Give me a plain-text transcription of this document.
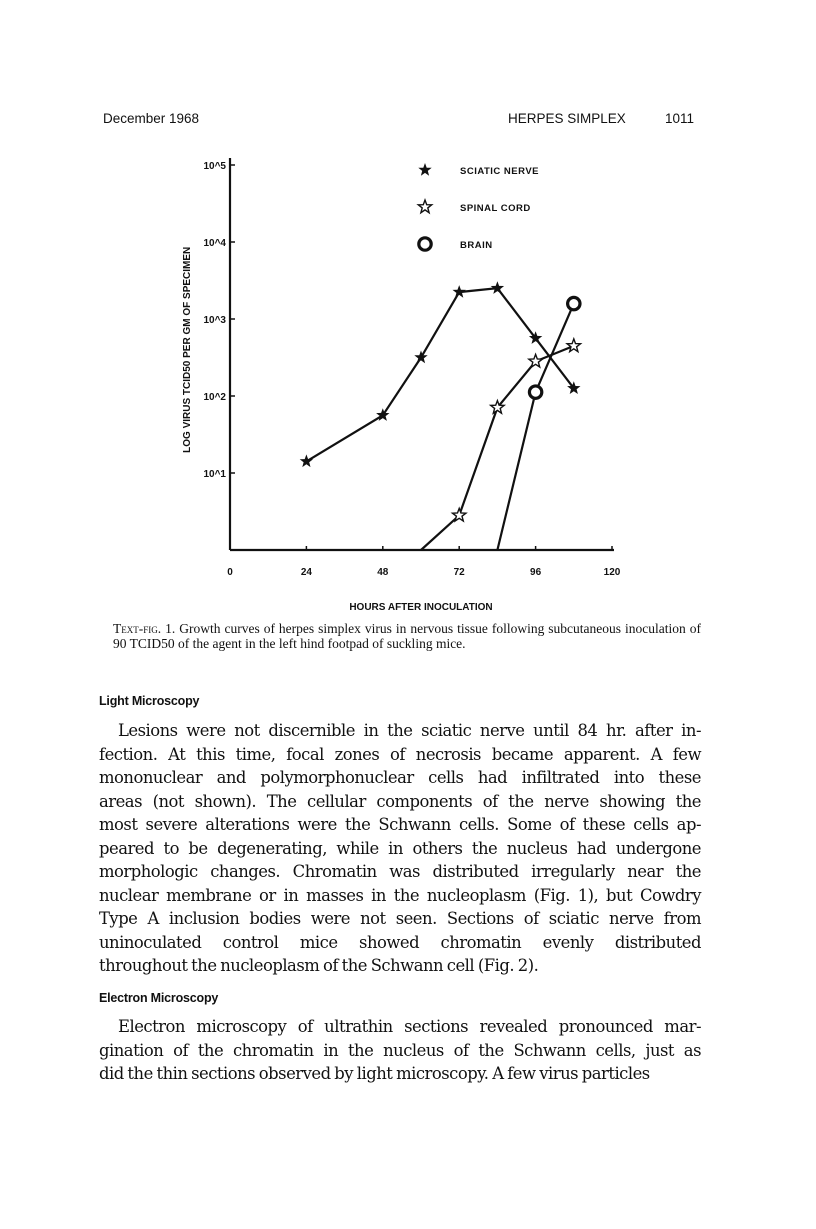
December 1968	HERPES SIMPLEX	1011
0	24	48	72	96	120
10^1
10^2
10^3
10^4
10^5
HOURS AFTER INOCULATION
LOG VIRUS TCID50 PER GM OF SPECIMEN
SCIATIC NERVE
SPINAL CORD
BRAIN
Text-fig. 1. Growth curves of herpes simplex virus in nervous tissue following subcutaneous inoculation of 90 TCID50 of the agent in the left hind footpad of suckling mice.
Light Microscopy

Lesions were not discernible in the sciatic nerve until 84 hr. after in-

fection. At this time, focal zones of necrosis became apparent. A few

mononuclear and polymorphonuclear cells had infiltrated into these

areas (not shown). The cellular components of the nerve showing the

most severe alterations were the Schwann cells. Some of these cells ap-

peared to be degenerating, while in others the nucleus had undergone

morphologic changes. Chromatin was distributed irregularly near the

nuclear membrane or in masses in the nucleoplasm (Fig. 1), but Cowdry

Type A inclusion bodies were not seen. Sections of sciatic nerve from

uninoculated control mice showed chromatin evenly distributed

throughout the nucleoplasm of the Schwann cell (Fig. 2).

Electron Microscopy

Electron microscopy of ultrathin sections revealed pronounced mar-

gination of the chromatin in the nucleus of the Schwann cells, just as

did the thin sections observed by light microscopy. A few virus particles
